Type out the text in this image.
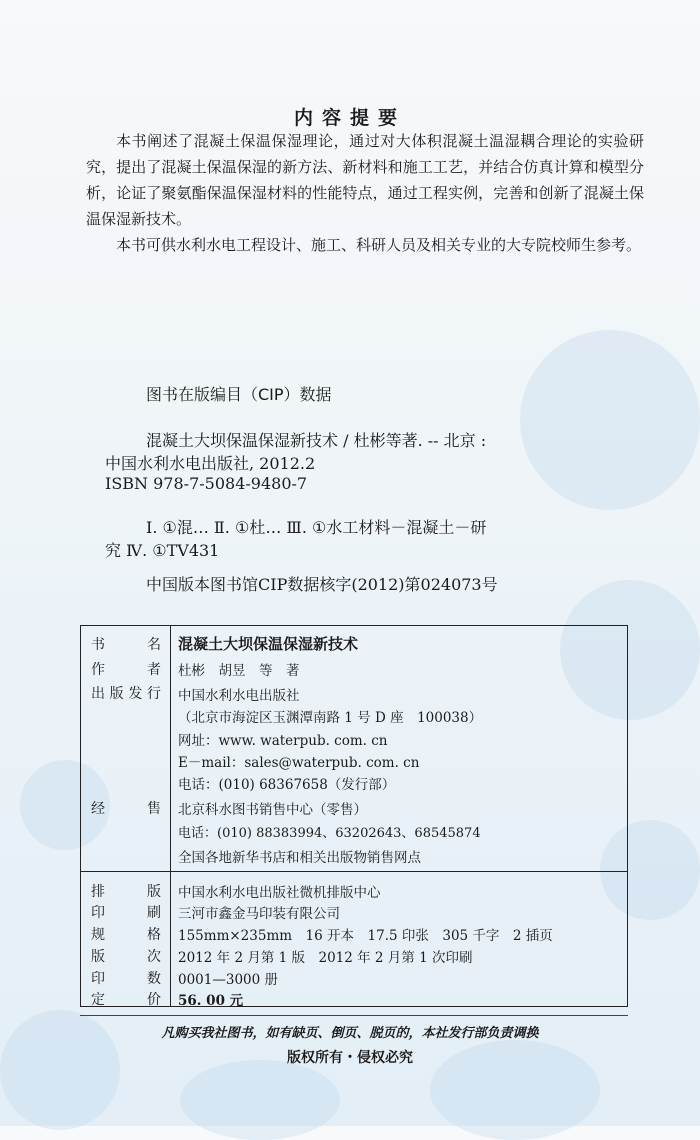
内容提要

本书阐述了混凝土保温保湿理论，通过对大体积混凝土温湿耦合理论的实验研究，提出了混凝土保温保湿的新方法、新材料和施工工艺，并结合仿真计算和模型分析，论证了聚氨酯保温保湿材料的性能特点，通过工程实例，完善和创新了混凝土保温保湿新技术。

本书可供水利水电工程设计、施工、科研人员及相关专业的大专院校师生参考。

图书在版编目（CIP）数据
混凝土大坝保温保湿新技术 / 杜彬等著. -- 北京 :
中国水利水电出版社, 2012.2
ISBN 978-7-5084-9480-7
Ⅰ. ①混… Ⅱ. ①杜… Ⅲ. ①水工材料－混凝土－研
究 Ⅳ. ①TV431
中国版本图书馆CIP数据核字(2012)第024073号
书	名 混凝土大坝保温保湿新技术
作	者 杜彬　胡昱　等　著
出 版 发 行 中国水利水电出版社
（北京市海淀区玉渊潭南路 1 号 D 座　100038）
网址：www. waterpub. com. cn
E－mail：sales@waterpub. com. cn
电话：(010) 68367658（发行部）
经	售 北京科水图书销售中心（零售）
电话：(010) 88383994、63202643、68545874
全国各地新华书店和相关出版物销售网点
排	版 中国水利水电出版社微机排版中心
印	刷 三河市鑫金马印装有限公司
规	格 155mm×235mm　16 开本　17.5 印张　305 千字　2 插页
版	次 2012 年 2 月第 1 版　2012 年 2 月第 1 次印刷
印	数 0001—3000 册
定	价 56. 00 元
凡购买我社图书，如有缺页、倒页、脱页的，本社发行部负责调换
版权所有・侵权必究
